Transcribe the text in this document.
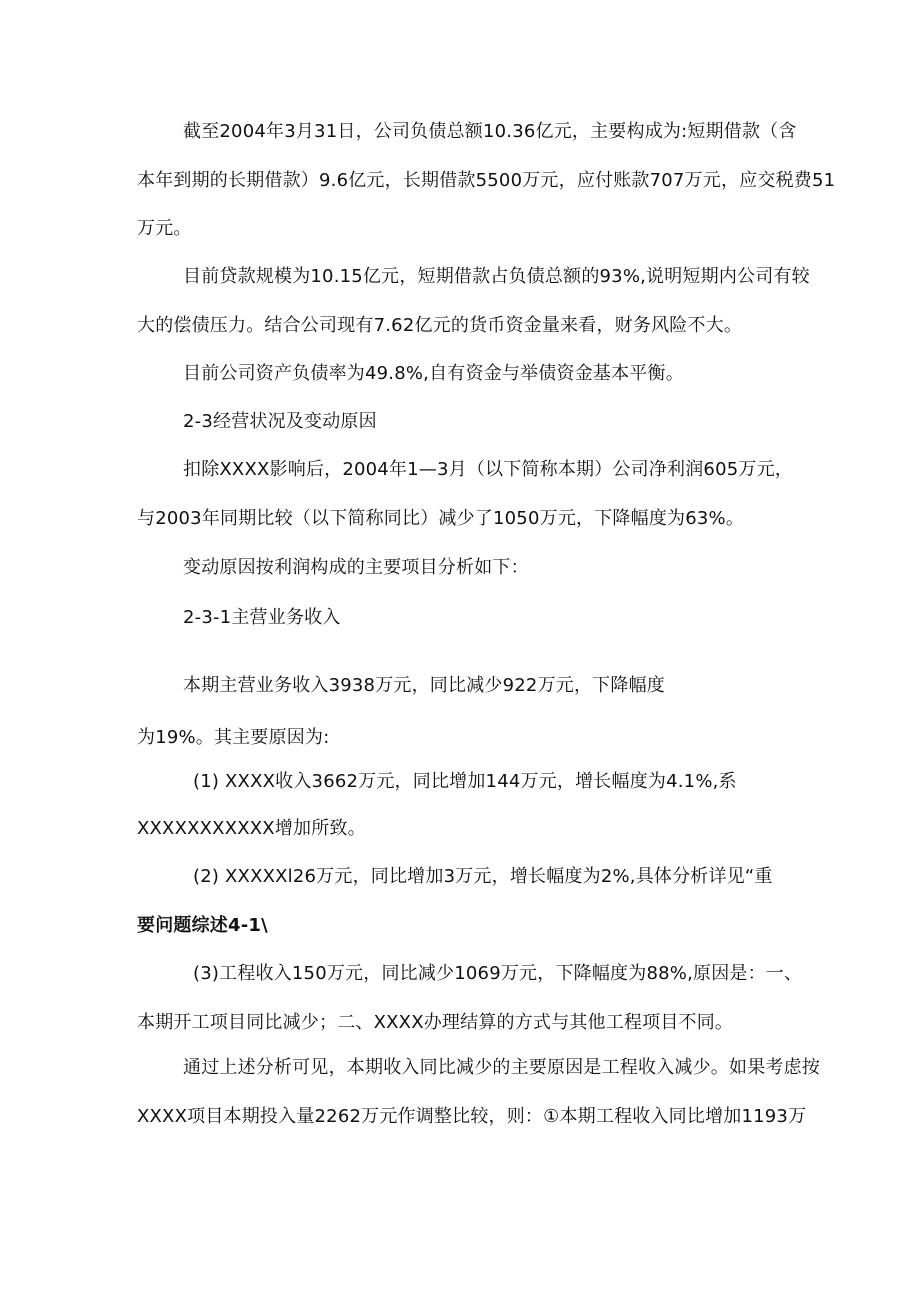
截至2004年3月31日，公司负债总额10.36亿元，主要构成为:短期借款（含
本年到期的长期借款）9.6亿元，长期借款5500万元，应付账款707万元，应交税费51
万元。
目前贷款规模为10.15亿元，短期借款占负债总额的93%,说明短期内公司有较
大的偿债压力。结合公司现有7.62亿元的货币资金量来看，财务风险不大。
目前公司资产负债率为49.8%,自有资金与举债资金基本平衡。
2-3经营状况及变动原因
扣除XXXX影响后，2004年1—3月（以下简称本期）公司净利润605万元，
与2003年同期比较（以下简称同比）减少了1050万元，下降幅度为63%。
变动原因按利润构成的主要项目分析如下：
2-3-1主营业务收入
本期主营业务收入3938万元，同比减少922万元，下降幅度
为19%。其主要原因为:
(1) XXXX收入3662万元，同比增加144万元，增长幅度为4.1%,系
XXXXXXXXXXX增加所致。
(2) XXXXXl26万元，同比增加3万元，增长幅度为2%,具体分析详见“重
要问题综述4-1\
(3)工程收入150万元，同比减少1069万元，下降幅度为88%,原因是：一、
本期开工项目同比减少；二、XXXX办理结算的方式与其他工程项目不同。
通过上述分析可见，本期收入同比减少的主要原因是工程收入减少。如果考虑按
XXXX项目本期投入量2262万元作调整比较，则：①本期工程收入同比增加1193万
